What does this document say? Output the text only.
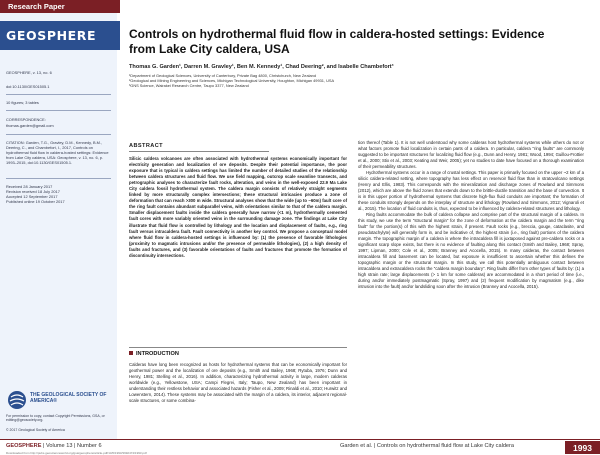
Research Paper
GEOSPHERE
GEOSPHERE, v. 13, no. 6
doi:10.1130/GES01505.1
10 figures; 3 tables
CORRESPONDENCE:
thomas.garden@gmail.com
CITATION: Garden, T.G., Gravley, D.M., Kennedy, B.M., Deering, C., and Chambefort, I., 2017, Controls on hydrothermal fluid flow in caldera-hosted settings: Evidence from Lake City caldera, USA: Geosphere, v. 13, no. 6, p. 1993–2015, doi:10.1130/GES01505.1.
Received 28 January 2017
Revision received 18 July 2017
Accepted 12 September 2017
Published online 19 October 2017
THE GEOLOGICAL SOCIETY OF AMERICA®
For permission to copy, contact Copyright Permissions, GSA, or editing@geosociety.org.
© 2017 Geological Society of America
Controls on hydrothermal fluid flow in caldera-hosted settings: Evidence from Lake City caldera, USA
Thomas G. Garden¹, Darren M. Gravley¹, Ben M. Kennedy¹, Chad Deering², and Isabelle Chambefort³
¹Department of Geological Sciences, University of Canterbury, Private Bag 4800, Christchurch, New Zealand
²Geological and Mining Engineering and Sciences, Michigan Technological University, Houghton, Michigan 49931, USA
³GNS Science, Wairakei Research Centre, Taupo 3377, New Zealand
ABSTRACT
Silicic caldera volcanoes are often associated with hydrothermal systems economically important for electricity generation and localization of ore deposits. Despite their potential importance, the poor exposure that is typical in caldera settings has limited the number of detailed studies of the relationship between caldera structures and fluid flow. We use field mapping, outcrop scale seamline transects, and petrographic analyses to characterize fault rocks, alteration, and veins in the well-exposed 22.9 Ma Lake City caldera fossil hydrothermal system. The caldera margin consists of relatively straight segments linked by more structurally complex intersections; these structural intricacies produce a zone of deformation that can reach >300 m wide. Structural analyses show that the wide (up to ~60m) fault core of the ring fault contains abundant subparallel veins, with orientations similar to that of the caldera margin. Smaller displacement faults inside the caldera generally have narrow (<1 m), hydrothermally cemented fault cores with more variably oriented veins in the surrounding damage zone. The findings at Lake City illustrate that fluid flow is controlled by lithology and the location and displacement of faults, e.g., ring fault versus intracaldera fault. Fault connectivity is another key control. We propose a conceptual model where fluid flow in caldera-hosted settings is influenced by: (1) the presence of favorable lithologies (proximity to magmatic intrusions and/or the presence of permeable lithologies), (2) a high density of faults and fractures, and (3) favorable orientations of faults and fractures that promote the formation of discontinuity intersections.
INTRODUCTION
Calderas have long been recognized as hosts for hydrothermal systems that can be economically important for geothermal power and the localization of ore deposits (e.g., Smith and Bailey, 1968; Rytuba, 1976; Dunn and Henry, 1981; Stelling et al., 2016). In addition, characterizing hydrothermal activity in large, modern calderas worldwide (e.g., Yellowstone, USA; Campi Flegrei, Italy; Taupo, New Zealand) has been important in understanding their restless behavior and associated hazards (Fisher et al., 2009; Rinaldi et al., 2010; Hurwitz and Lowenstern, 2014). These systems may be associated with the margin of a caldera, its interior, adjacent regional-scale structures, or some combina-

tion thereof (Table 1). It is not well understood why some calderas host hydrothermal systems while others do not or what factors promote fluid localization in certain parts of a caldera. In particular, caldera "ring faults" are commonly suggested to be important structures for localizing fluid flow (e.g., Dunn and Henry, 1981; Wood, 1994; Guillou-Frottier et al., 2000; Stix et al., 2003; Keating and Weir, 2005); yet no studies to date have focused on a thorough examination of their permeability structures.

Hydrothermal systems occur in a range of crustal settings. This paper is primarily focused on the upper ~2 km of a silicic caldera-related setting, where topography has less effect on reservoir fluid flow than in stratovolcano settings (Henry and Ellis, 1983). This corresponds with the mineralization and discharge zones of Rowland and Simmons (2012), which are above the fluid zones that extends down to the brittle-ductile transition and the base of convection. It is in this upper portion of hydrothermal systems that discrete high-flux fluid conduits are important; the formation of these conduits strongly depends on the interplay of structure and lithology (Rowland and Simmons, 2012; Vignaroli et al., 2015). The location of fluid conduits is, thus, expected to be influenced by caldera-related structures and lithology.

Ring faults accommodate the bulk of caldera collapse and comprise part of the structural margin of a caldera. In this study, we use the term "structural margin" for the zone of deformation at the caldera margin and the term "ring fault" for the portion(s) of this with the highest strain, if present. Fault rocks (e.g., breccia, gouge, cataclasite, and pseudotachylyte) will generally form in, and be indicative of, the highest strain (i.e., ring fault) portions of the caldera margin. The topographic margin of a caldera is where the intracaldera fill is juxtaposed against pre-caldera rocks or a significant scarp slope exists, but there is no evidence of faulting along this contact (Smith and Bailey, 1968; Spray, 1997; Lipman, 2000; Cole et al., 2005; Branney and Acocella, 2015). In many calderas, the contact between intracaldera fill and basement can be located, but exposure is insufficient to ascertain whether this defines the topographic margin or the structural margin. In this study, we call this potentially ambiguous contact between intracaldera and extracaldera rocks the "caldera margin boundary". Ring faults differ from other types of faults by: (1) a high strain rate; large displacements (> 1 km for some calderas) are accommodated in a short period of time (i.e., during and/or immediately postmagmatic (Spray, 1997) and (2) frequent modification by magmatism (e.g., dike intrusion into the fault) and/or landsliding soon after the intrusion (Branney and Acocella, 2015).

GEOSPHERE | Volume 13 | Number 6	Garden et al. | Controls on hydrothermal fluid flow at Lake City caldera	1993
Downloaded from http://pubs.geoscienceworld.org/gsa/geosphere/article-pdf/13/6/1993/3992474/1993.pdf
